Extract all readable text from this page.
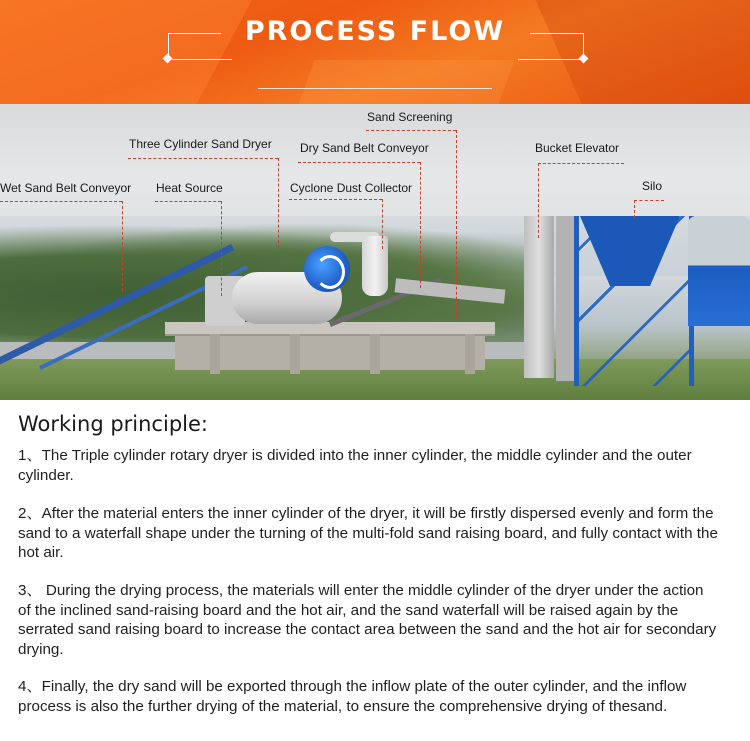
PROCESS FLOW
Sand Screening
Three Cylinder Sand Dryer Dry Sand Belt Conveyor	Bucket Elevator
Wet Sand Belt Conveyor Heat Source	Cyclone Dust Collector	Silo
Working principle:

1、The Triple cylinder rotary dryer is divided into the inner cylinder, the middle cylinder and the outer cylinder.

2、After the material enters the inner cylinder of the dryer, it will be firstly dispersed evenly and form the sand to a waterfall shape under the turning of the multi-fold sand raising board, and fully contact with the hot air.

3、 During the drying process, the materials will enter the middle cylinder of the dryer under the action of the inclined sand-raising board and the hot air, and the sand waterfall will be raised again by the serrated sand raising board to increase the contact area between the sand and the hot air for secondary drying.

4、Finally, the dry sand will be exported through the inflow plate of the outer cylinder, and the inflow process is also the further drying of the material, to ensure the comprehensive drying of thesand.
